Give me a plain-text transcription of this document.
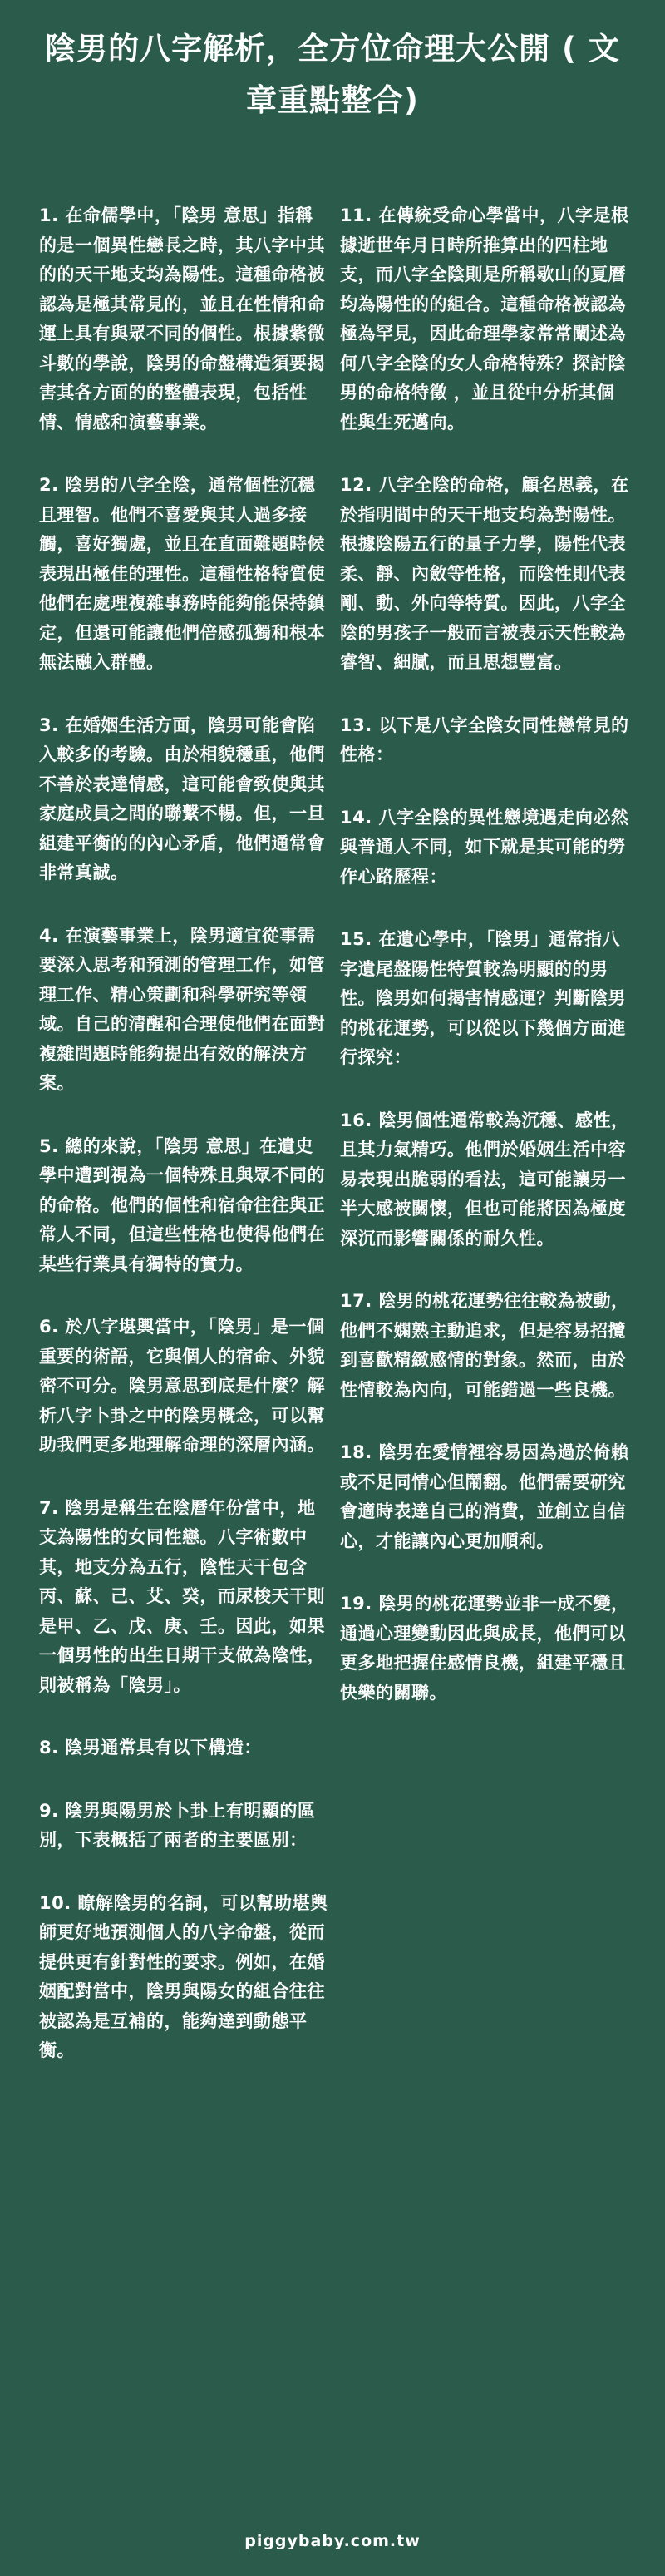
陰男的八字解析，全方位命理大公開 ( 文章重點整合)

1. 在命儒學中，「陰男 意思」指稱的是一個異性戀長之時，其八字中其的的天干地支均為陽性。這種命格被認為是極其常見的，並且在性情和命運上具有與眾不同的個性。根據紫微斗數的學說，陰男的命盤構造須要揭害其各方面的的整體表現，包括性情、情感和演藝事業。

2. 陰男的八字全陰，通常個性沉穩且理智。他們不喜愛與其人過多接觸，喜好獨處，並且在直面難題時候表現出極佳的理性。這種性格特質使他們在處理複雜事務時能夠能保持鎮定，但還可能讓他們倍感孤獨和根本無法融入群體。

3. 在婚姻生活方面，陰男可能會陷入較多的考驗。由於相貌穩重，他們不善於表達情感，這可能會致使與其家庭成員之間的聯繫不暢。但，一旦組建平衡的的內心矛盾，他們通常會非常真誠。

4. 在演藝事業上，陰男適宜從事需要深入思考和預測的管理工作，如管理工作、精心策劃和科學研究等領域。自己的清醒和合理使他們在面對複雜問題時能夠提出有效的解決方案。

5. 總的來說，「陰男 意思」在遺史學中遭到視為一個特殊且與眾不同的的命格。他們的個性和宿命往往與正常人不同，但這些性格也使得他們在某些行業具有獨特的實力。

6. 於八字堪輿當中，「陰男」是一個重要的術語，它與個人的宿命、外貌密不可分。陰男意思到底是什麼？解析八字卜卦之中的陰男概念，可以幫助我們更多地理解命理的深層內涵。

7. 陰男是稱生在陰曆年份當中，地支為陽性的女同性戀。八字術數中其，地支分為五行，陰性天干包含丙、蘇、己、艾、癸，而尿梭天干則是甲、乙、戊、庚、壬。因此，如果一個男性的出生日期干支做為陰性，則被稱為「陰男」。

8. 陰男通常具有以下構造：

9. 陰男與陽男於卜卦上有明顯的區別，下表概括了兩者的主要區別：

10. 瞭解陰男的名詞，可以幫助堪輿師更好地預測個人的八字命盤，從而提供更有針對性的要求。例如，在婚姻配對當中，陰男與陽女的組合往往被認為是互補的，能夠達到動態平衡。

11. 在傳統受命心學當中，八字是根據逝世年月日時所推算出的四柱地支，而八字全陰則是所稱歇山的夏曆均為陽性的的組合。這種命格被認為極為罕見，因此命理學家常常闡述為何八字全陰的女人命格特殊？探討陰男的命格特徵 ，並且從中分析其個性與生死邁向。

12. 八字全陰的命格，顧名思義，在於指明間中的天干地支均為對陽性。根據陰陽五行的量子力學，陽性代表柔、靜、內斂等性格，而陰性則代表剛、動、外向等特質。因此，八字全陰的男孩子一般而言被表示天性較為睿智、細膩，而且思想豐富。

13. 以下是八字全陰女同性戀常見的性格：

14. 八字全陰的異性戀境遇走向必然與普通人不同，如下就是其可能的勞作心路歷程：

15. 在遺心學中，「陰男」通常指八字遺尾盤陽性特質較為明顯的的男性。陰男如何揭害情感運？判斷陰男的桃花運勢，可以從以下幾個方面進行探究：

16. 陰男個性通常較為沉穩、感性，且其力氣精巧。他們於婚姻生活中容易表現出脆弱的看法，這可能讓另一半大感被關懷，但也可能將因為極度深沉而影響關係的耐久性。

17. 陰男的桃花運勢往往較為被動，他們不嫻熟主動追求，但是容易招攬到喜歡精緻感情的對象。然而，由於性情較為內向，可能錯過一些良機。

18. 陰男在愛情裡容易因為過於倚賴或不足同情心但鬧翻。他們需要研究會適時表達自己的消費，並創立自信心，才能讓內心更加順利。

19. 陰男的桃花運勢並非一成不變，通過心理變動因此與成長，他們可以更多地把握住感情良機，組建平穩且快樂的關聯。

piggybaby.com.tw
